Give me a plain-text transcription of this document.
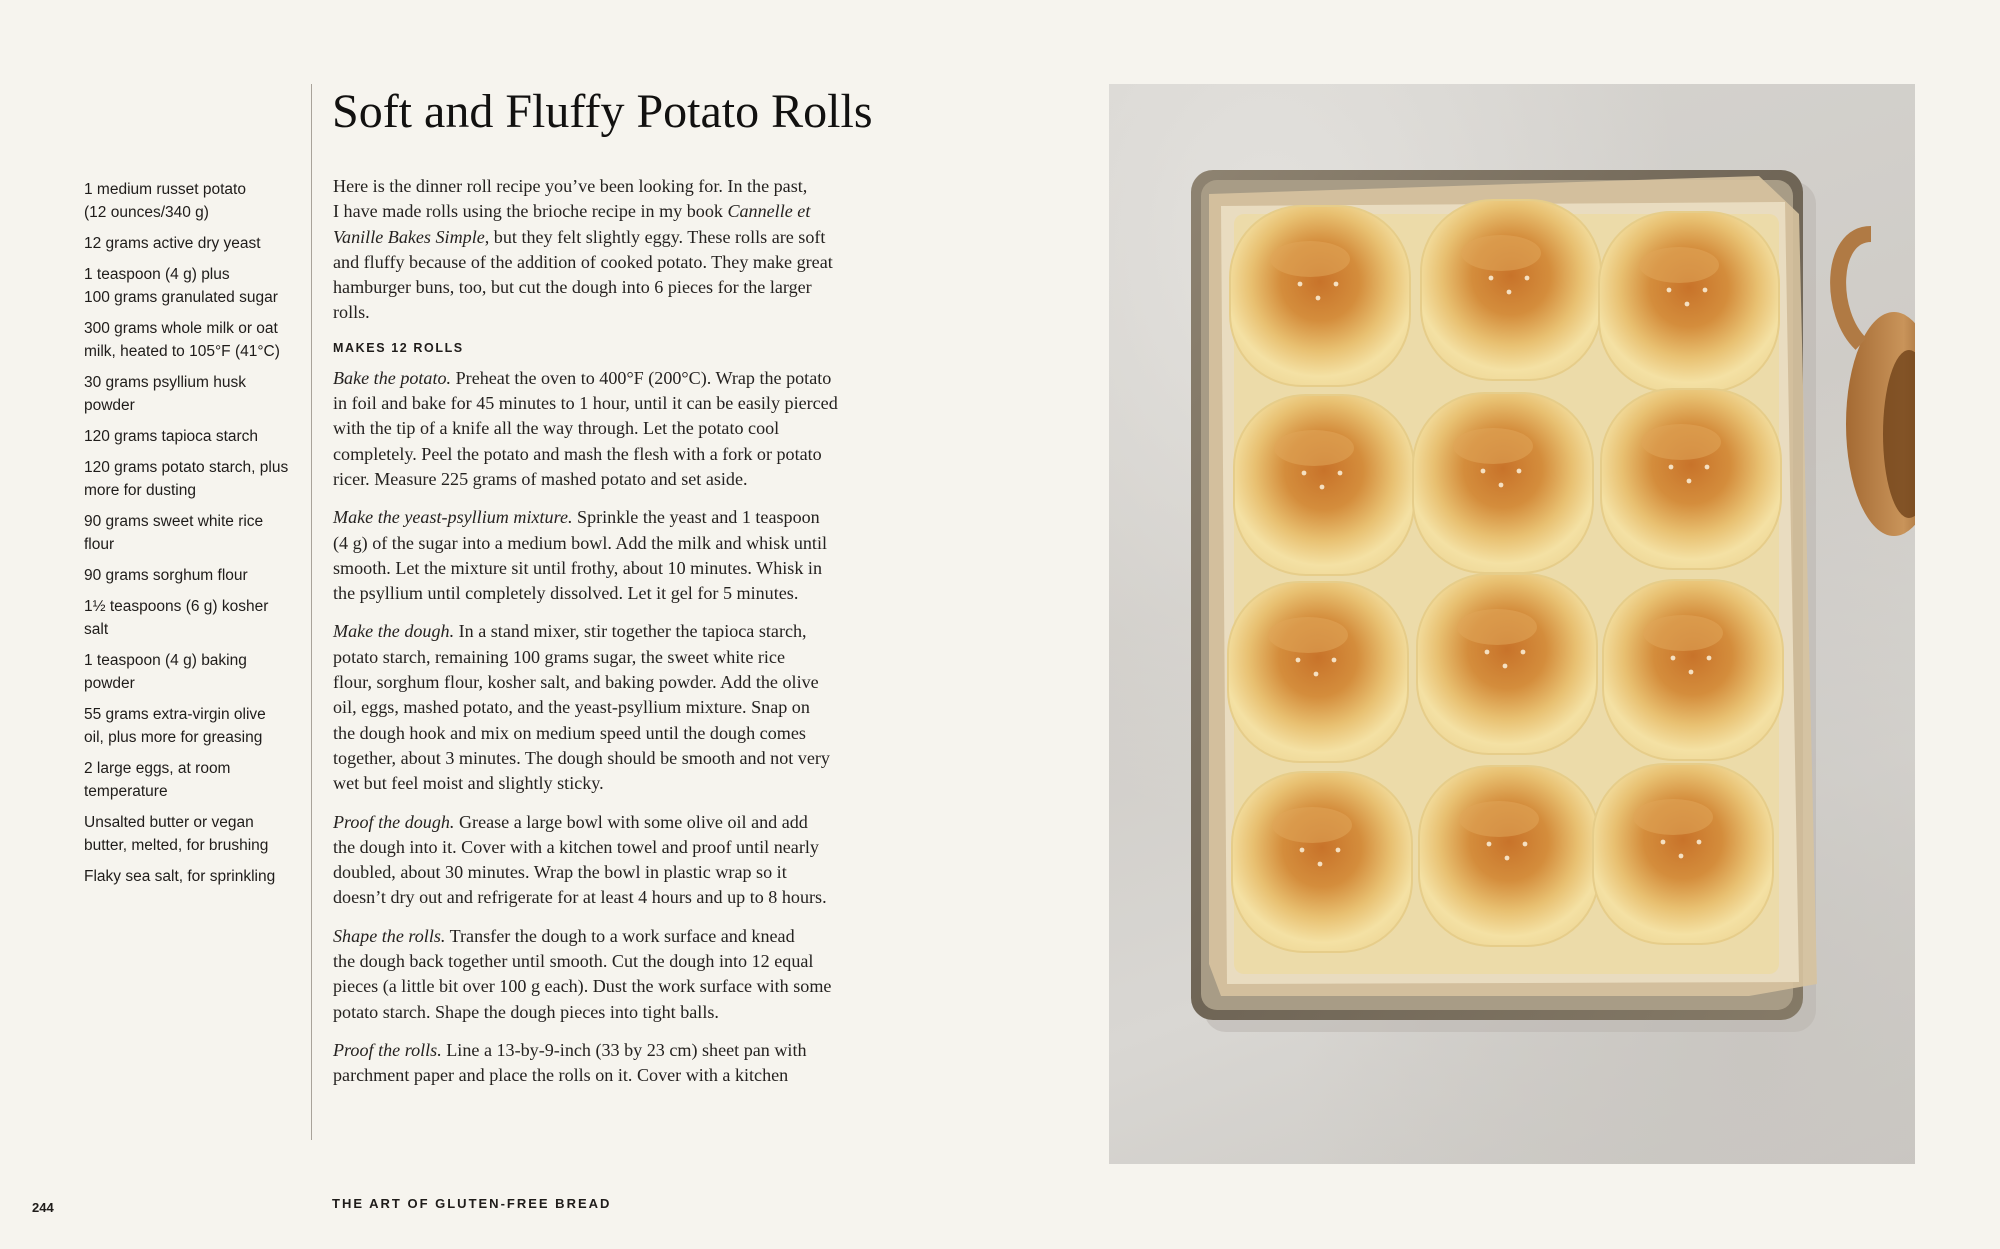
1 medium russet potato
(12 ounces/340 g)
12 grams active dry yeast
1 teaspoon (4 g) plus
100 grams granulated sugar
300 grams whole milk or oat
milk, heated to 105°F (41°C)
30 grams psyllium husk
powder
120 grams tapioca starch
120 grams potato starch, plus
more for dusting
90 grams sweet white rice
flour
90 grams sorghum flour
1½ teaspoons (6 g) kosher
salt
1 teaspoon (4 g) baking
powder
55 grams extra-virgin olive
oil, plus more for greasing
2 large eggs, at room
temperature
Unsalted butter or vegan
butter, melted, for brushing
Flaky sea salt, for sprinkling
Soft and Fluffy Potato Rolls
Here is the dinner roll recipe you’ve been looking for. In the past,
I have made rolls using the brioche recipe in my book Cannelle et
Vanille Bakes Simple, but they felt slightly eggy. These rolls are soft
and fluffy because of the addition of cooked potato. They make great
hamburger buns, too, but cut the dough into 6 pieces for the larger
rolls.
MAKES 12 ROLLS
Bake the potato. Preheat the oven to 400°F (200°C). Wrap the potato
in foil and bake for 45 minutes to 1 hour, until it can be easily pierced
with the tip of a knife all the way through. Let the potato cool
completely. Peel the potato and mash the flesh with a fork or potato
ricer. Measure 225 grams of mashed potato and set aside.
Make the yeast-psyllium mixture. Sprinkle the yeast and 1 teaspoon
(4 g) of the sugar into a medium bowl. Add the milk and whisk until
smooth. Let the mixture sit until frothy, about 10 minutes. Whisk in
the psyllium until completely dissolved. Let it gel for 5 minutes.
Make the dough. In a stand mixer, stir together the tapioca starch,
potato starch, remaining 100 grams sugar, the sweet white rice
flour, sorghum flour, kosher salt, and baking powder. Add the olive
oil, eggs, mashed potato, and the yeast-psyllium mixture. Snap on
the dough hook and mix on medium speed until the dough comes
together, about 3 minutes. The dough should be smooth and not very
wet but feel moist and slightly sticky.
Proof the dough. Grease a large bowl with some olive oil and add
the dough into it. Cover with a kitchen towel and proof until nearly
doubled, about 30 minutes. Wrap the bowl in plastic wrap so it
doesn’t dry out and refrigerate for at least 4 hours and up to 8 hours.
Shape the rolls. Transfer the dough to a work surface and knead
the dough back together until smooth. Cut the dough into 12 equal
pieces (a little bit over 100 g each). Dust the work surface with some
potato starch. Shape the dough pieces into tight balls.
Proof the rolls. Line a 13-by-9-inch (33 by 23 cm) sheet pan with
parchment paper and place the rolls on it. Cover with a kitchen
244	THE ART OF GLUTEN-FREE BREAD
